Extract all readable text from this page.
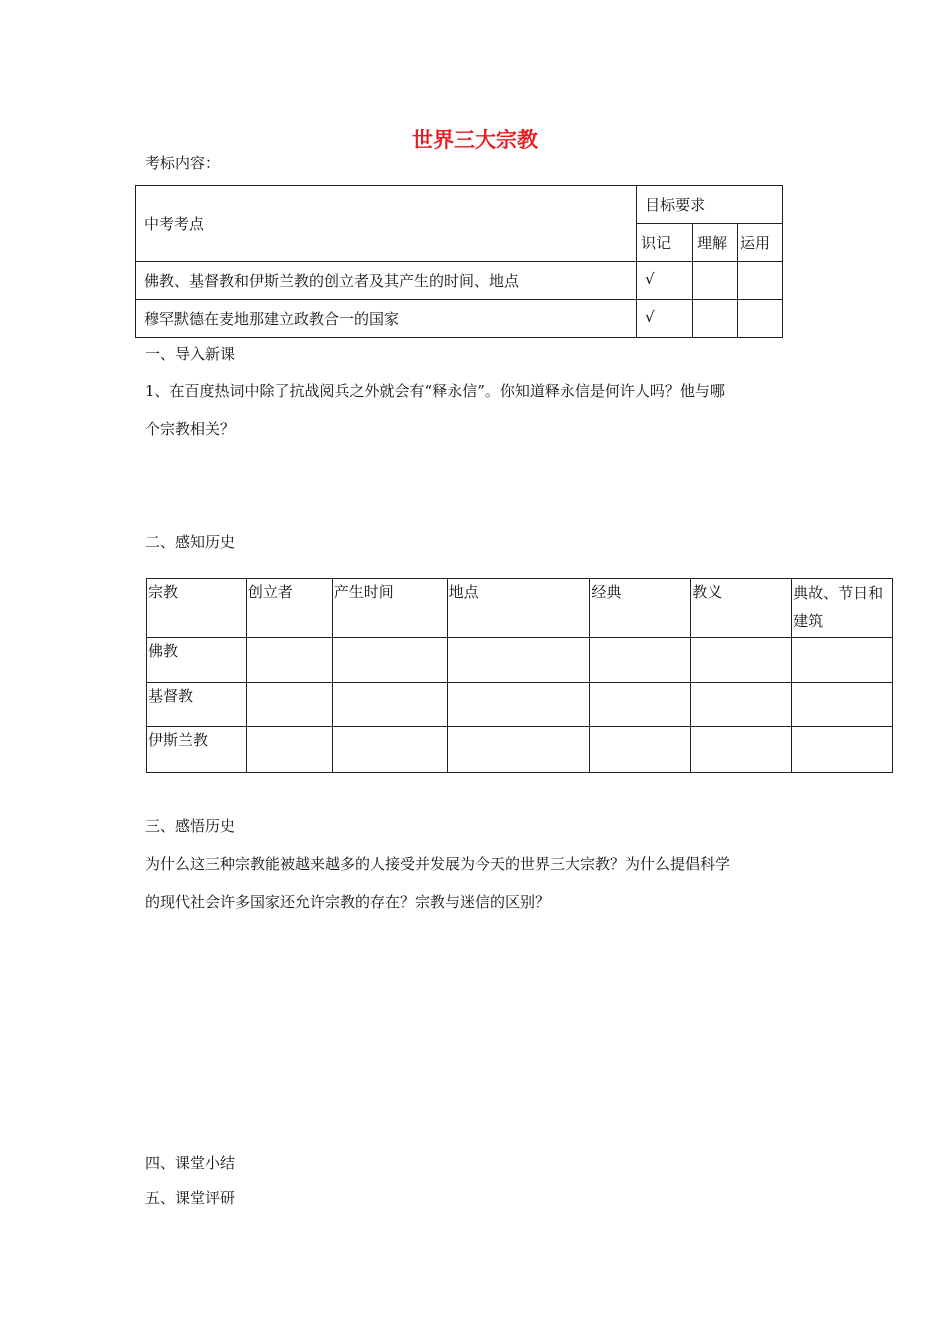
世界三大宗教
考标内容：
中考考点	目标要求		
	识记	理解	运用
佛教、基督教和伊斯兰教的创立者及其产生的时间、地点	√		
穆罕默德在麦地那建立政教合一的国家	√		
一、导入新课
1、在百度热词中除了抗战阅兵之外就会有“释永信”。你知道释永信是何许人吗？他与哪
个宗教相关？
二、感知历史
宗教	创立者	产生时间	地点	经典	教义	典故、节日和建筑
佛教						
基督教						
伊斯兰教						
三、感悟历史
为什么这三种宗教能被越来越多的人接受并发展为今天的世界三大宗教？为什么提倡科学
的现代社会许多国家还允许宗教的存在？宗教与迷信的区别？
四、课堂小结
五、课堂评研
